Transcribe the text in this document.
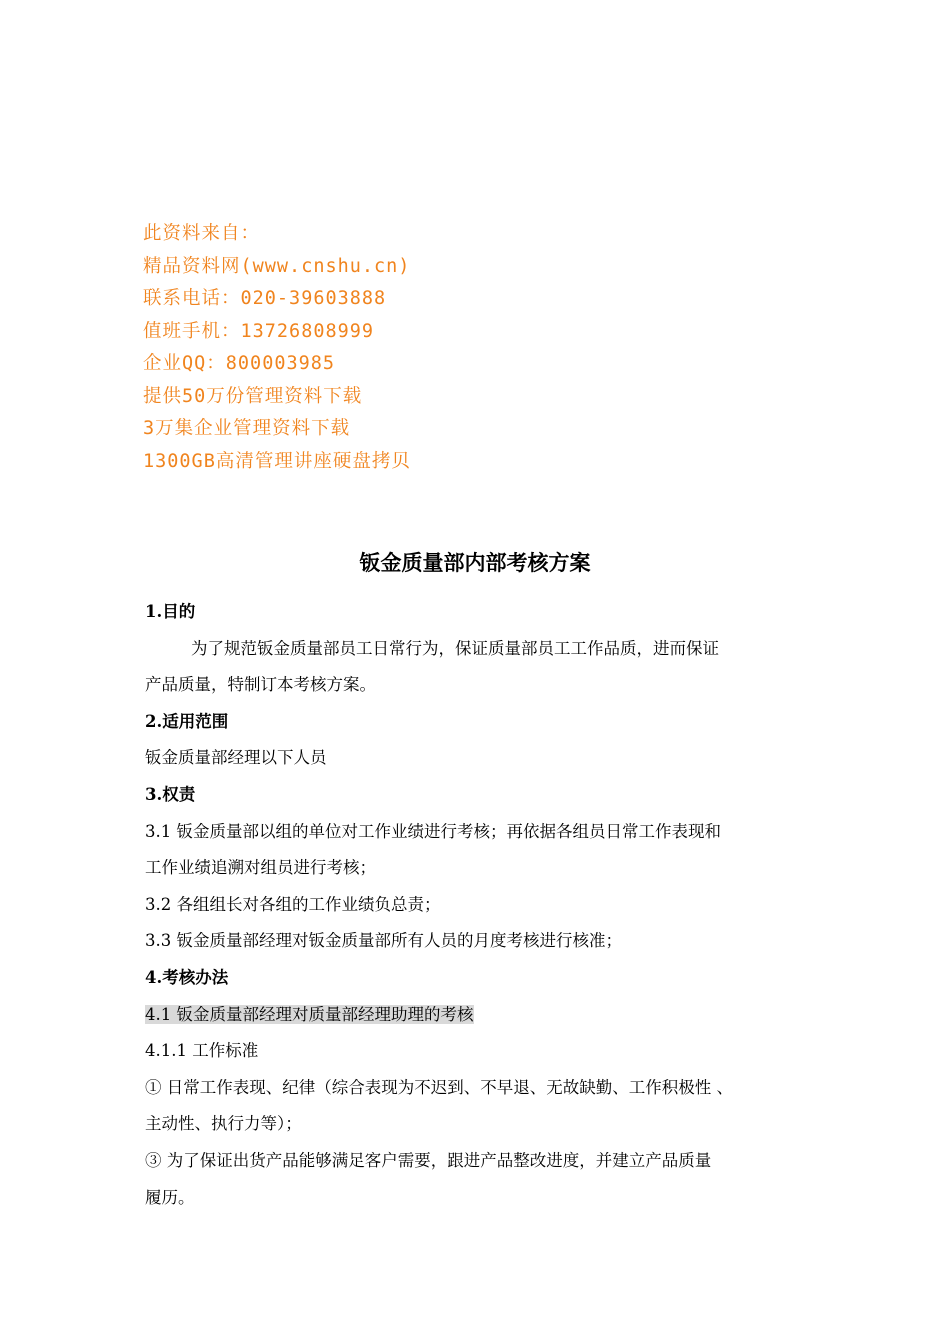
此资料来自：
精品资料网(www.cnshu.cn)
联系电话：020-39603888
值班手机：13726808999
企业QQ：800003985
提供50万份管理资料下载
3万集企业管理资料下载
1300GB高清管理讲座硬盘拷贝
钣金质量部内部考核方案
1.目的
为了规范钣金质量部员工日常行为，保证质量部员工工作品质，进而保证
产品质量，特制订本考核方案。
2.适用范围
钣金质量部经理以下人员
3.权责
3.1 钣金质量部以组的单位对工作业绩进行考核；再依据各组员日常工作表现和
工作业绩追溯对组员进行考核；
3.2 各组组长对各组的工作业绩负总责；
3.3 钣金质量部经理对钣金质量部所有人员的月度考核进行核准；
4.考核办法
4.1 钣金质量部经理对质量部经理助理的考核
4.1.1 工作标准
① 日常工作表现、纪律（综合表现为不迟到、不早退、无故缺勤、工作积极性 、
主动性、执行力等）；
③ 为了保证出货产品能够满足客户需要，跟进产品整改进度，并建立产品质量
履历。
